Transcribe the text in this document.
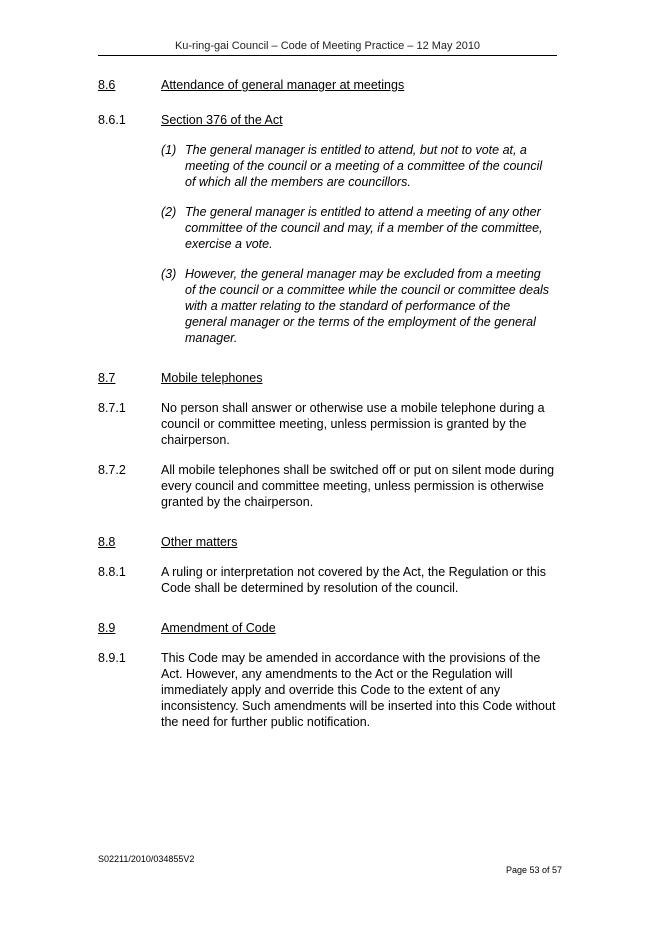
Ku-ring-gai Council – Code of Meeting Practice – 12 May 2010
8.6	Attendance of general manager at meetings
8.6.1	Section 376 of the Act
(1) The general manager is entitled to attend, but not to vote at, a meeting of the council or a meeting of a committee of the council of which all the members are councillors.
(2) The general manager is entitled to attend a meeting of any other committee of the council and may, if a member of the committee, exercise a vote.
(3) However, the general manager may be excluded from a meeting of the council or a committee while the council or committee deals with a matter relating to the standard of performance of the general manager or the terms of the employment of the general manager.
8.7	Mobile telephones
8.7.1	No person shall answer or otherwise use a mobile telephone during a council or committee meeting, unless permission is granted by the chairperson.
8.7.2	All mobile telephones shall be switched off or put on silent mode during every council and committee meeting, unless permission is otherwise granted by the chairperson.
8.8	Other matters
8.8.1	A ruling or interpretation not covered by the Act, the Regulation or this Code shall be determined by resolution of the council.
8.9	Amendment of Code
8.9.1	This Code may be amended in accordance with the provisions of the Act. However, any amendments to the Act or the Regulation will immediately apply and override this Code to the extent of any inconsistency. Such amendments will be inserted into this Code without the need for further public notification.
S02211/2010/034855V2
Page 53 of 57
